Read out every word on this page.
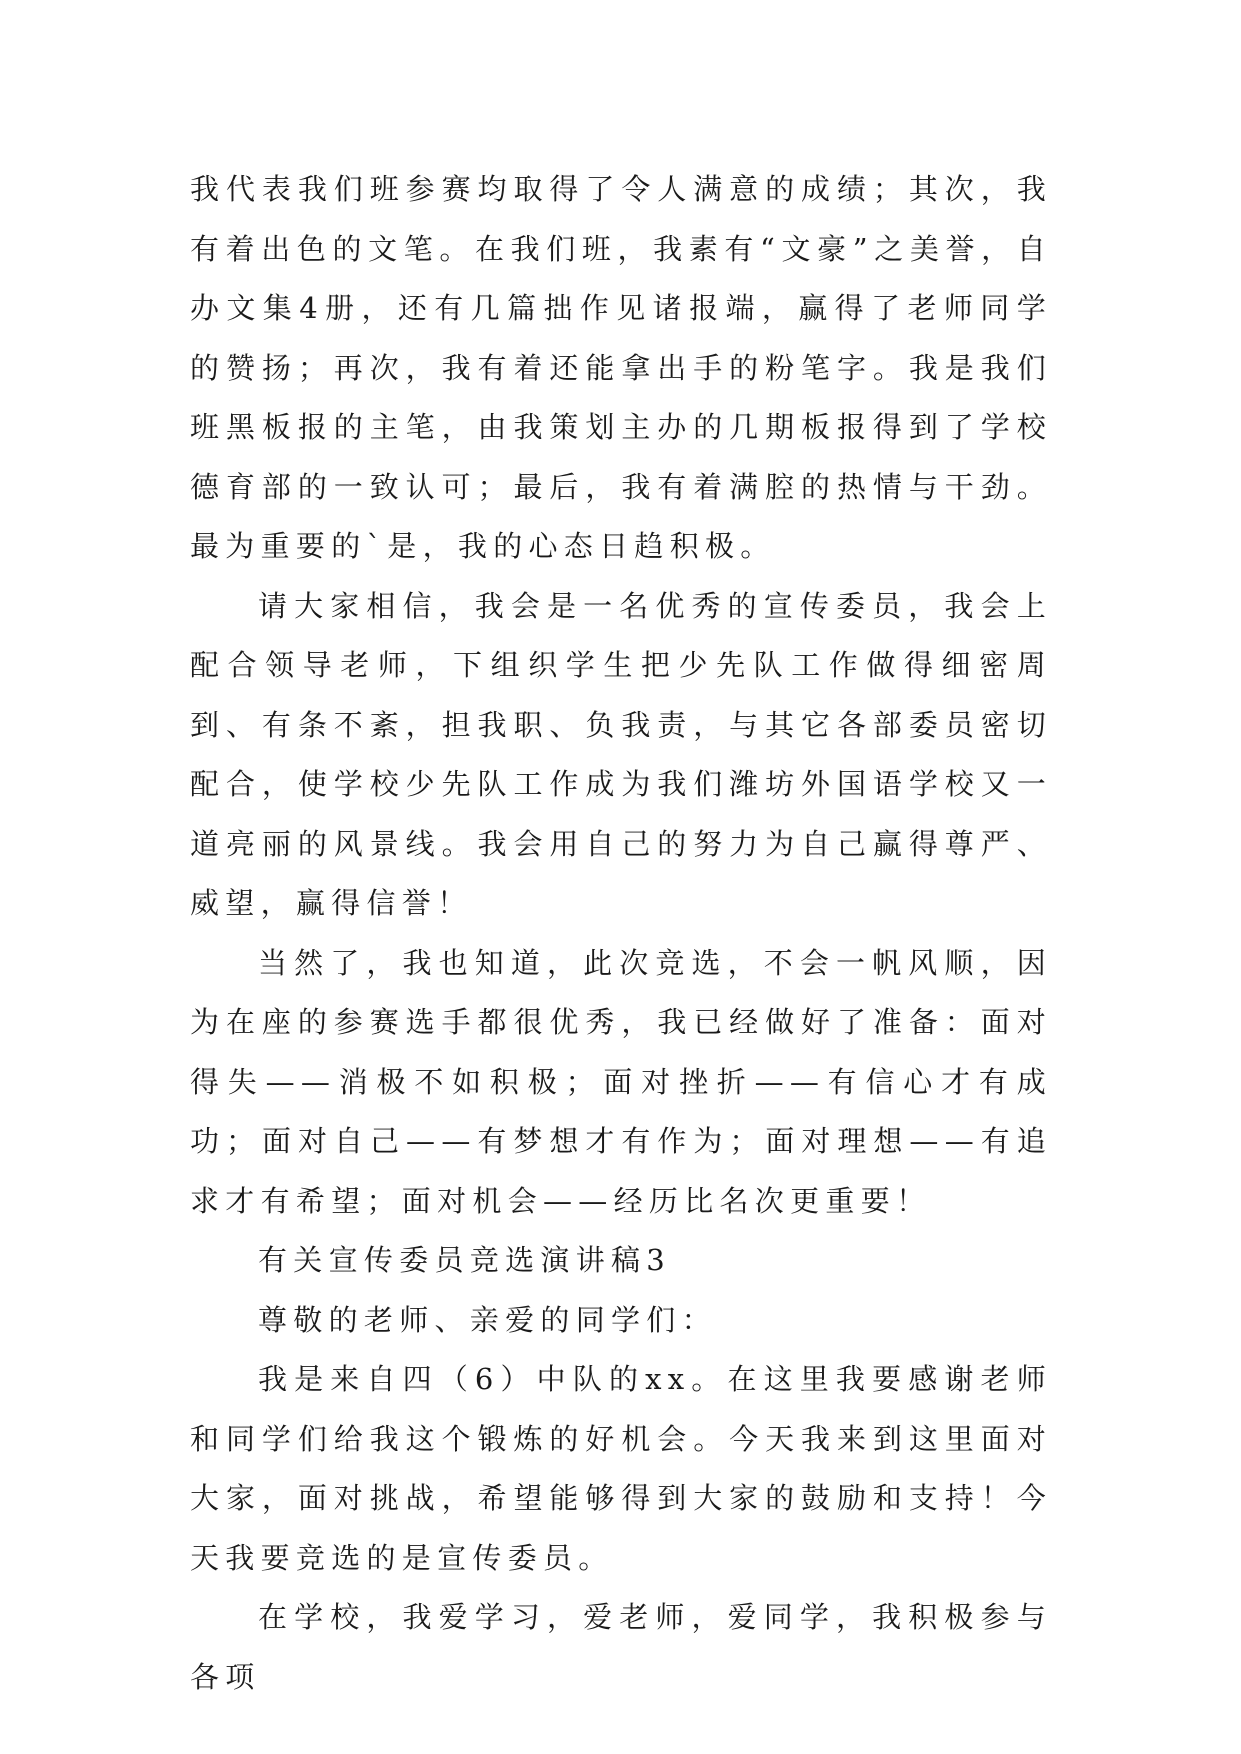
我代表我们班参赛均取得了令人满意的成绩；其次，我有着出色的文笔。在我们班，我素有“文豪”之美誉，自办文集4册，还有几篇拙作见诸报端，赢得了老师同学的赞扬；再次，我有着还能拿出手的粉笔字。我是我们班黑板报的主笔，由我策划主办的几期板报得到了学校德育部的一致认可；最后，我有着满腔的热情与干劲。最为重要的`是，我的心态日趋积极。

请大家相信，我会是一名优秀的宣传委员，我会上配合领导老师，下组织学生把少先队工作做得细密周到、有条不紊，担我职、负我责，与其它各部委员密切配合，使学校少先队工作成为我们潍坊外国语学校又一道亮丽的风景线。我会用自己的努力为自己赢得尊严、威望，赢得信誉！

当然了，我也知道，此次竞选，不会一帆风顺，因为在座的参赛选手都很优秀，我已经做好了准备：面对得失——消极不如积极；面对挫折——有信心才有成功；面对自己——有梦想才有作为；面对理想——有追求才有希望；面对机会——经历比名次更重要！

有关宣传委员竞选演讲稿3

尊敬的老师、亲爱的同学们：

我是来自四（6）中队的xx。在这里我要感谢老师和同学们给我这个锻炼的好机会。今天我来到这里面对大家，面对挑战，希望能够得到大家的鼓励和支持！今天我要竞选的是宣传委员。

在学校，我爱学习，爱老师，爱同学，我积极参与各项
